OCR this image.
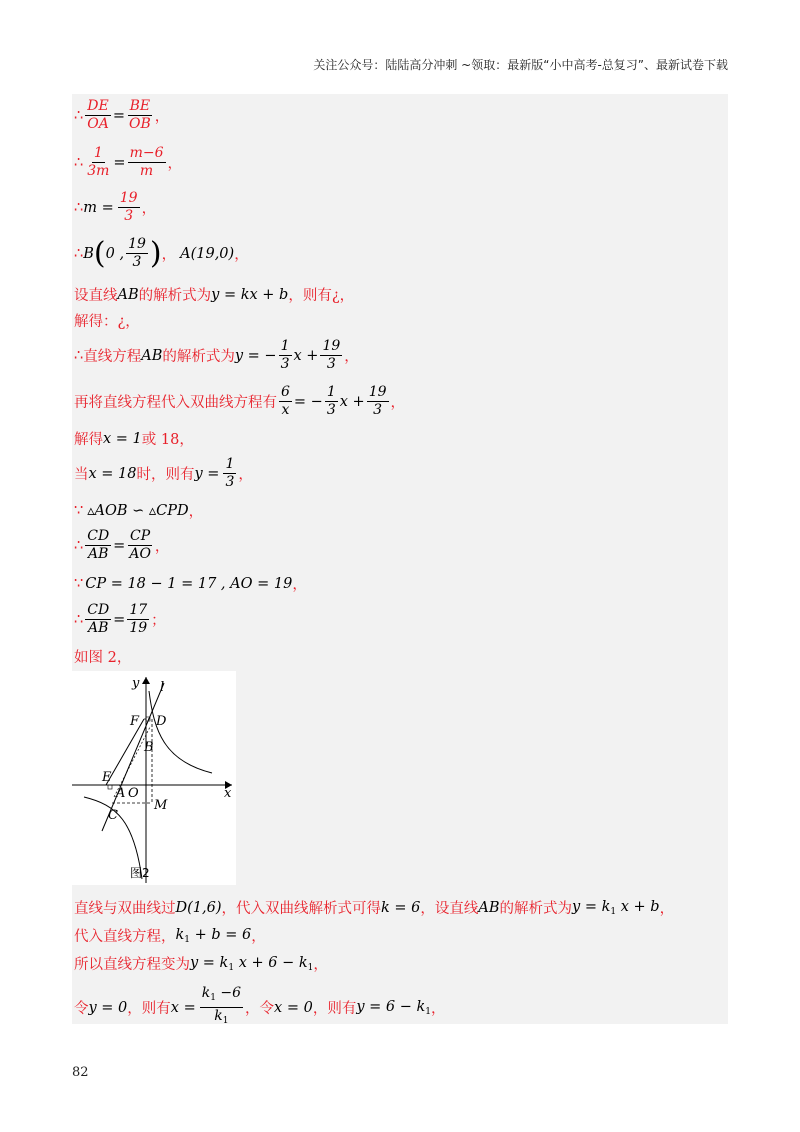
关注公众号：陆陆高分冲刺 ~领取：最新版“小中高考-总复习”、最新试卷下载
∴ $\frac{DE}{OA} = \frac{BE}{OB}$ ，
∴ $\frac{1}{3m} = \frac{m-6}{m}$ ，
∴ $m = \frac{19}{3}$ ，
∴ B ( 0 , $\frac{19}{3}$ ) ， A(19,0) ，
设直线 AB 的解析式为 y = kx + b ，则有¿，
解得：¿，
∴ 直线方程 AB 的解析式为 y = − $\frac{1}{3}$ $x + \frac{19}{3}$ ，
再将直线方程代入双曲线方程有 $\frac{6}{x}$ = − $\frac{1}{3}$ $x + \frac{19}{3}$ ，
解得 x = 1 或 18，
当 x = 18 时，则有 $y = \frac{1}{3}$ ，
∵ ▵AOB ∽ ▵CPD ，
∴ $\frac{CD}{AB} = \frac{CP}{AO}$ ，
∵ CP = 18 − 1 = 17 , AO = 19 ，
∴ $\frac{CD}{AB} = \frac{17}{19}$ ；
如图 2，
y l
x
F D
B
E
A O
C
M
图2
直线与双曲线过 D(1,6) ，代入双曲线解析式可得 k = 6 ，设直线 AB 的解析式为 $y = k_1$ x + b ，
代入直线方程， $k_1 + b = 6$ ，
所以直线方程变为 $y = k_1$ $x + 6 - k_1$ ，
令 y = 0 ，则有 $x = \frac{k_1 -6}{k_1}$ ，令 x = 0 ，则有 $y = 6 - k_1$ ，
82
